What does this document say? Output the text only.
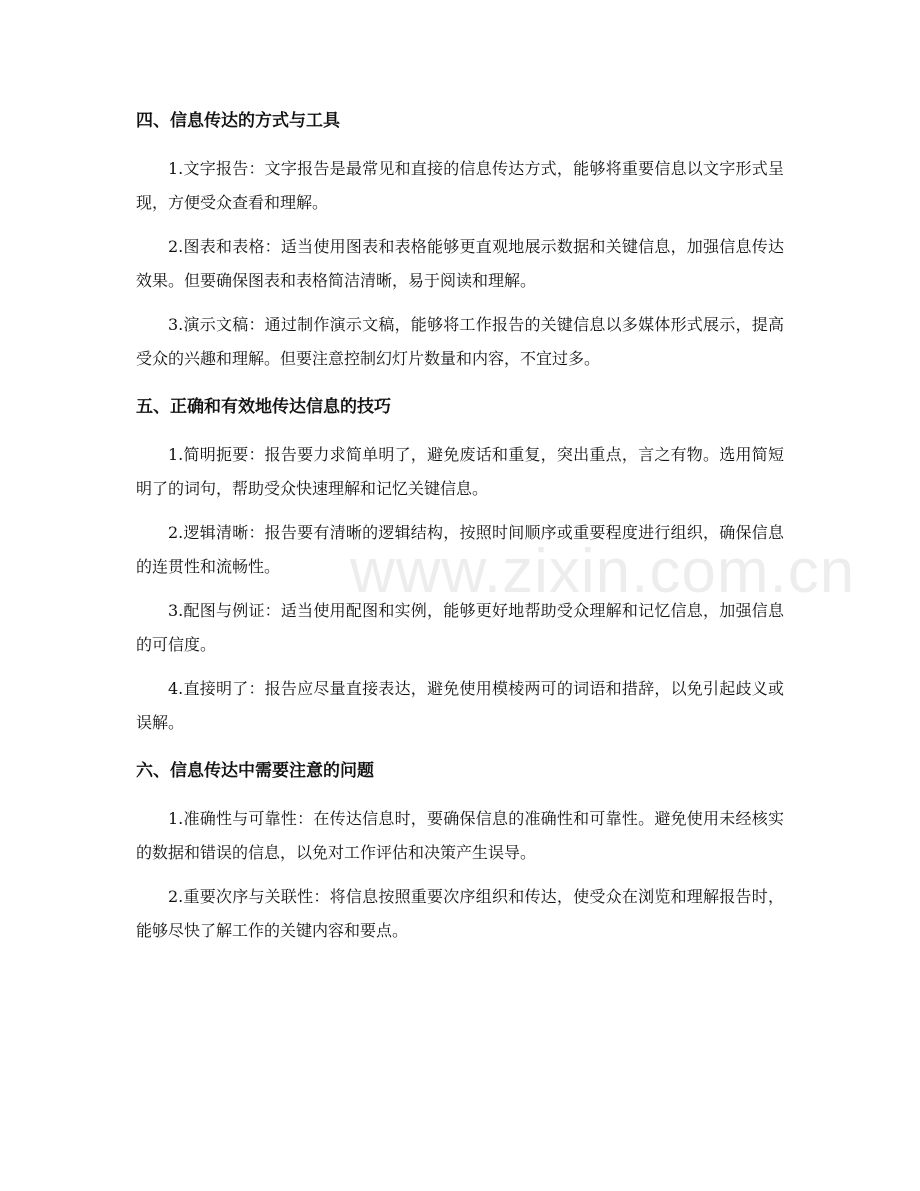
四、信息传达的方式与工具

1.文字报告：文字报告是最常见和直接的信息传达方式，能够将重要信息以文字形式呈现，方便受众查看和理解。

2.图表和表格：适当使用图表和表格能够更直观地展示数据和关键信息，加强信息传达效果。但要确保图表和表格简洁清晰，易于阅读和理解。

3.演示文稿：通过制作演示文稿，能够将工作报告的关键信息以多媒体形式展示，提高受众的兴趣和理解。但要注意控制幻灯片数量和内容，不宜过多。

五、正确和有效地传达信息的技巧

1.简明扼要：报告要力求简单明了，避免废话和重复，突出重点，言之有物。选用简短明了的词句，帮助受众快速理解和记忆关键信息。

2.逻辑清晰：报告要有清晰的逻辑结构，按照时间顺序或重要程度进行组织，确保信息的连贯性和流畅性。

3.配图与例证：适当使用配图和实例，能够更好地帮助受众理解和记忆信息，加强信息的可信度。

4.直接明了：报告应尽量直接表达，避免使用模棱两可的词语和措辞，以免引起歧义或误解。

六、信息传达中需要注意的问题

1.准确性与可靠性：在传达信息时，要确保信息的准确性和可靠性。避免使用未经核实的数据和错误的信息，以免对工作评估和决策产生误导。

2.重要次序与关联性：将信息按照重要次序组织和传达，使受众在浏览和理解报告时，能够尽快了解工作的关键内容和要点。

www.zixin.com.cn
